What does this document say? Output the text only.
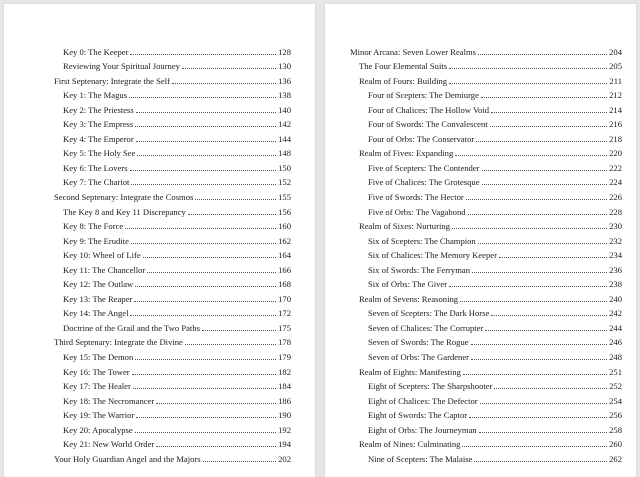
Key 0: The Keeper	128
Reviewing Your Spiritual Journey	130
First Septenary: Integrate the Self	136
Key 1: The Magus	138
Key 2: The Priestess	140
Key 3: The Empress	142
Key 4: The Emperor	144
Key 5: The Holy See	148
Key 6: The Lovers	150
Key 7: The Chariot	152
Second Septenary: Integrate the Cosmos	155
The Key 8 and Key 11 Discrepancy	156
Key 8: The Force	160
Key 9: The Erudite	162
Key 10: Wheel of Life	164
Key 11: The Chancellor	166
Key 12: The Outlaw	168
Key 13: The Reaper	170
Key 14: The Angel	172
Doctrine of the Grail and the Two Paths	175
Third Septenary: Integrate the Divine	178
Key 15: The Demon	179
Key 16: The Tower	182
Key 17: The Healer	184
Key 18: The Necromancer	186
Key 19: The Warrior	190
Key 20: Apocalypse	192
Key 21: New World Order	194
Your Holy Guardian Angel and the Majors	202
Minor Arcana: Seven Lower Realms	204
The Four Elemental Suits	205
Realm of Fours: Building	211
Four of Scepters: The Demiurge	212
Four of Chalices: The Hollow Void	214
Four of Swords: The Convalescent	216
Four of Orbs: The Conservator	218
Realm of Fives: Expanding	220
Five of Scepters: The Contender	222
Five of Chalices: The Grotesque	224
Five of Swords: The Hector	226
Five of Orbs: The Vagabond	228
Realm of Sixes: Nurturing	230
Six of Scepters: The Champion	232
Six of Chalices: The Memory Keeper	234
Six of Swords: The Ferryman	236
Six of Orbs: The Giver	238
Realm of Sevens: Reasoning	240
Seven of Scepters: The Dark Horse	242
Seven of Chalices: The Corrupter	244
Seven of Swords: The Rogue	246
Seven of Orbs: The Gardener	248
Realm of Eights: Manifesting	251
Eight of Scepters: The Sharpshooter	252
Eight of Chalices: The Defector	254
Eight of Swords: The Captor	256
Eight of Orbs: The Journeyman	258
Realm of Nines: Culminating	260
Nine of Scepters: The Malaise	262
